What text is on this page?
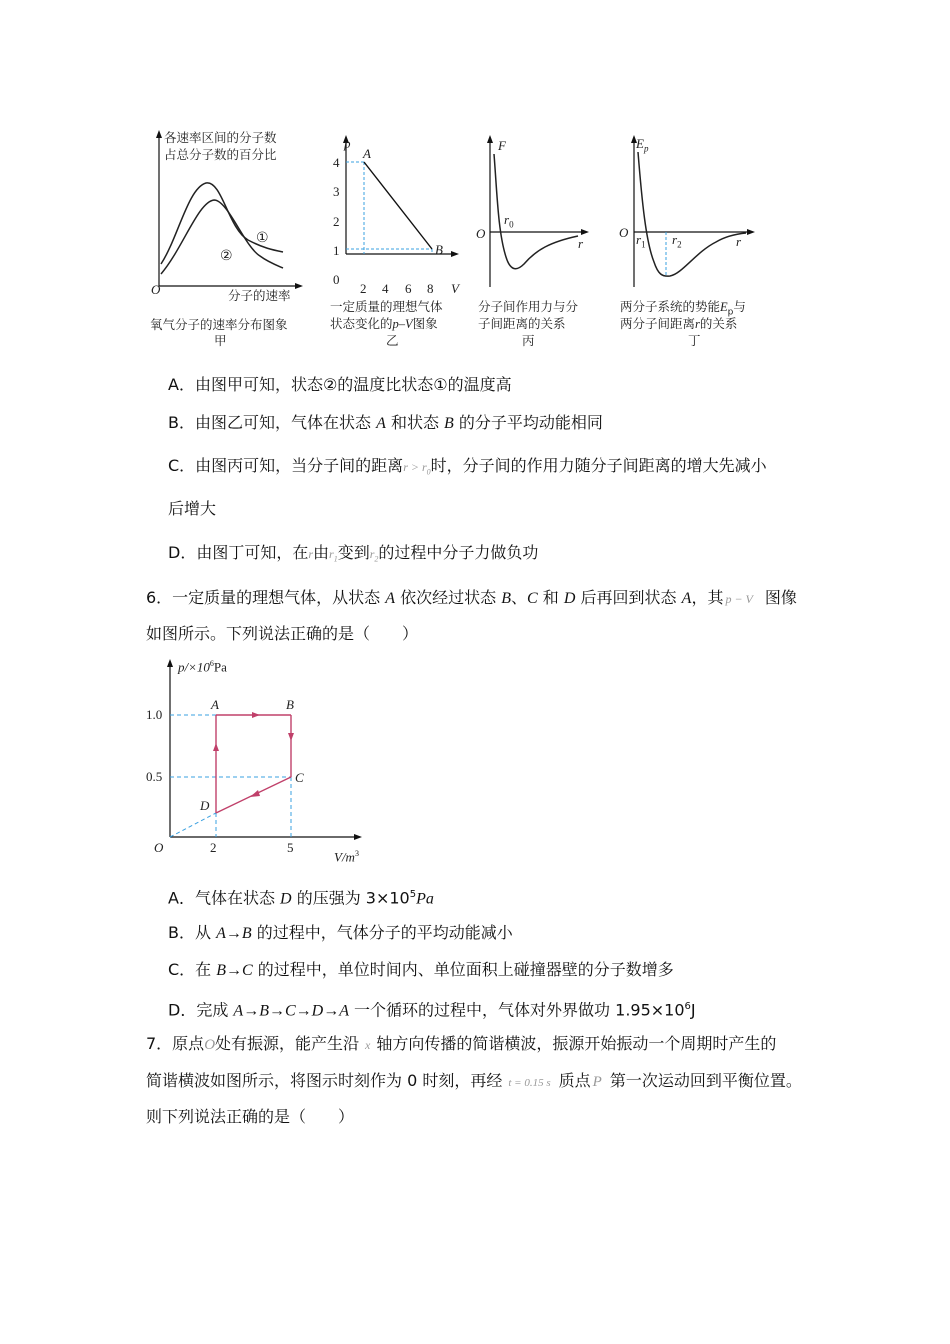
各速率区间的分子数
占总分子数的百分比
O	分子的速率
①
②
氧气分子的速率分布图象
甲
p
A
B
4
3
2
1
0
2 4 6 8 V
一定质量的理想气体
状态变化的p–V图象
乙
F
O
$r_0$
r
分子间作用力与分
子间距离的关系
丙
$E_p$
O $r_1$ $r_2$	r
两分子系统的势能$E_p$与
两分子间距离r的关系
丁
A．由图甲可知，状态②的温度比状态①的温度高
B．由图乙可知，气体在状态 A 和状态 B 的分子平均动能相同
C．由图丙可知，当分子间的距离$r > r_0$时，分子间的作用力随分子间距离的增大先减小
后增大
D．由图丁可知，在r由$r_1$变到$r_2$的过程中分子力做负功
6．一定质量的理想气体，从状态 A 依次经过状态 B、C 和 D 后再回到状态 A，其 p − V 图像
如图所示。下列说法正确的是（　　）
$p/\times 10^6Pa$
1.0
0.5
O	2	5
$V/m^3$
A	B
C
D
A．气体在状态 D 的压强为 $3\times 10^5Pa$
B．从 A→B 的过程中，气体分子的平均动能减小
C．在 B→C 的过程中，单位时间内、单位面积上碰撞器壁的分子数增多
D．完成 A→B→C→D→A 一个循环的过程中，气体对外界做功 $1.95\times 10^6J$
7．原点O处有振源，能产生沿 x 轴方向传播的简谐横波，振源开始振动一个周期时产生的
简谐横波如图所示，将图示时刻作为 0 时刻，再经 t = 0.15 s 质点 P 第一次运动回到平衡位置。
则下列说法正确的是（　　）
